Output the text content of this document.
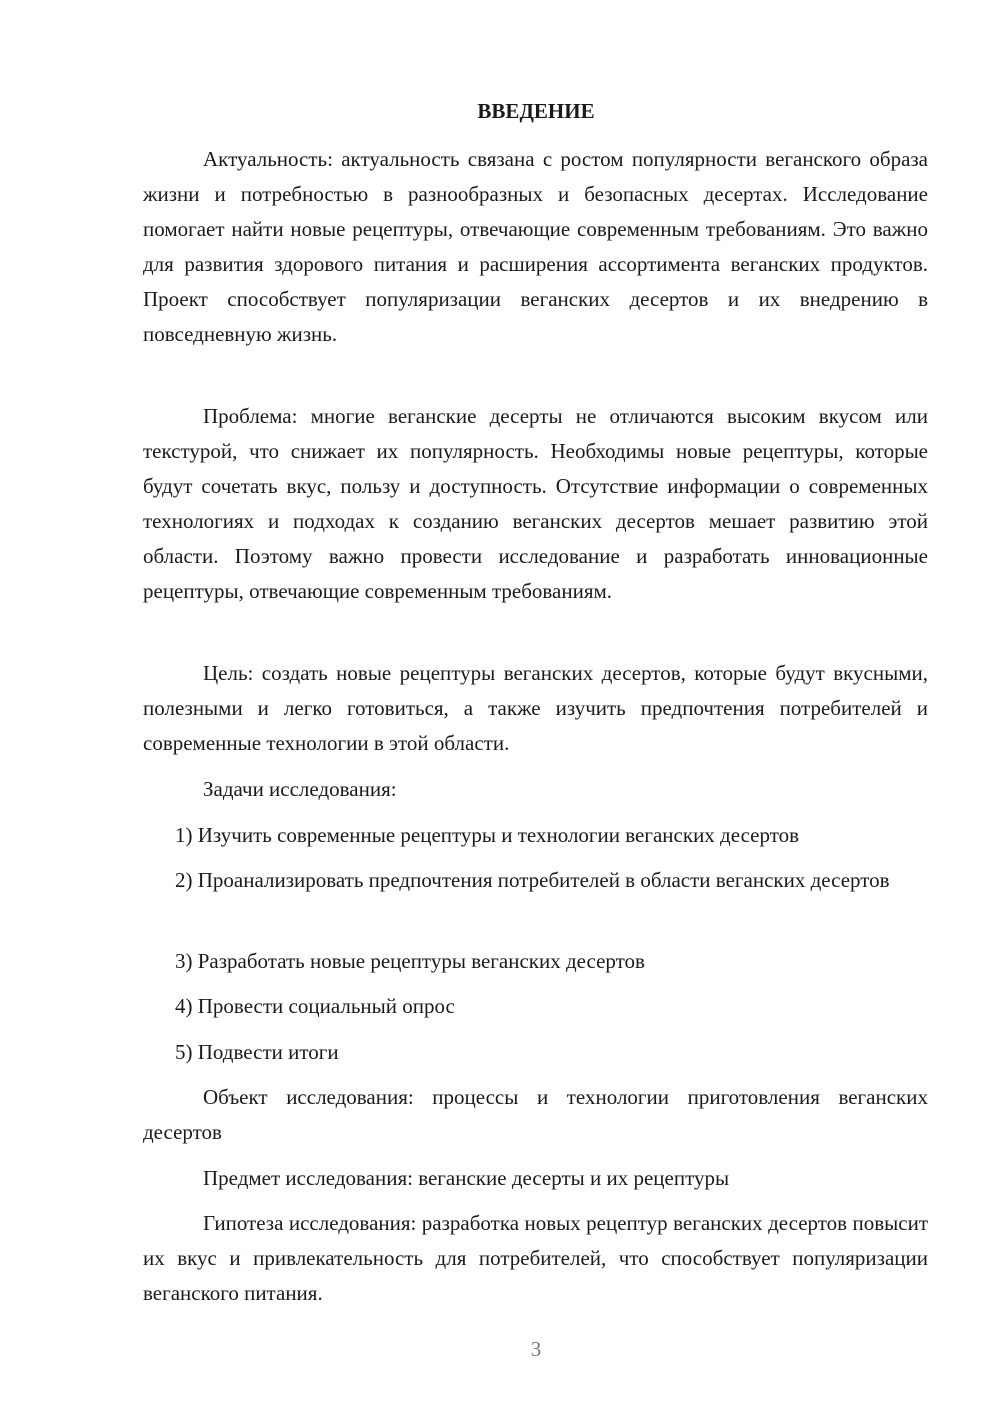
ВВЕДЕНИЕ

Актуальность: актуальность связана с ростом популярности веганского образа жизни и потребностью в разнообразных и безопасных десертах. Исследование помогает найти новые рецептуры, отвечающие современным требованиям. Это важно для развития здорового питания и расширения ассортимента веганских продуктов. Проект способствует популяризации веганских десертов и их внедрению в повседневную жизнь.

Проблема: многие веганские десерты не отличаются высоким вкусом или текстурой, что снижает их популярность. Необходимы новые рецептуры, которые будут сочетать вкус, пользу и доступность. Отсутствие информации о современных технологиях и подходах к созданию веганских десертов мешает развитию этой области. Поэтому важно провести исследование и разработать инновационные рецептуры, отвечающие современным требованиям.

Цель: создать новые рецептуры веганских десертов, которые будут вкусными, полезными и легко готовиться, а также изучить предпочтения потребителей и современные технологии в этой области.

Задачи исследования:

1) Изучить современные рецептуры и технологии веганских десертов

2) Проанализировать предпочтения потребителей в области веганских десертов

3) Разработать новые рецептуры веганских десертов

4) Провести социальный опрос

5) Подвести итоги

Объект исследования: процессы и технологии приготовления веганских десертов

Предмет исследования: веганские десерты и их рецептуры

Гипотеза исследования: разработка новых рецептур веганских десертов повысит их вкус и привлекательность для потребителей, что способствует популяризации веганского питания.

3
